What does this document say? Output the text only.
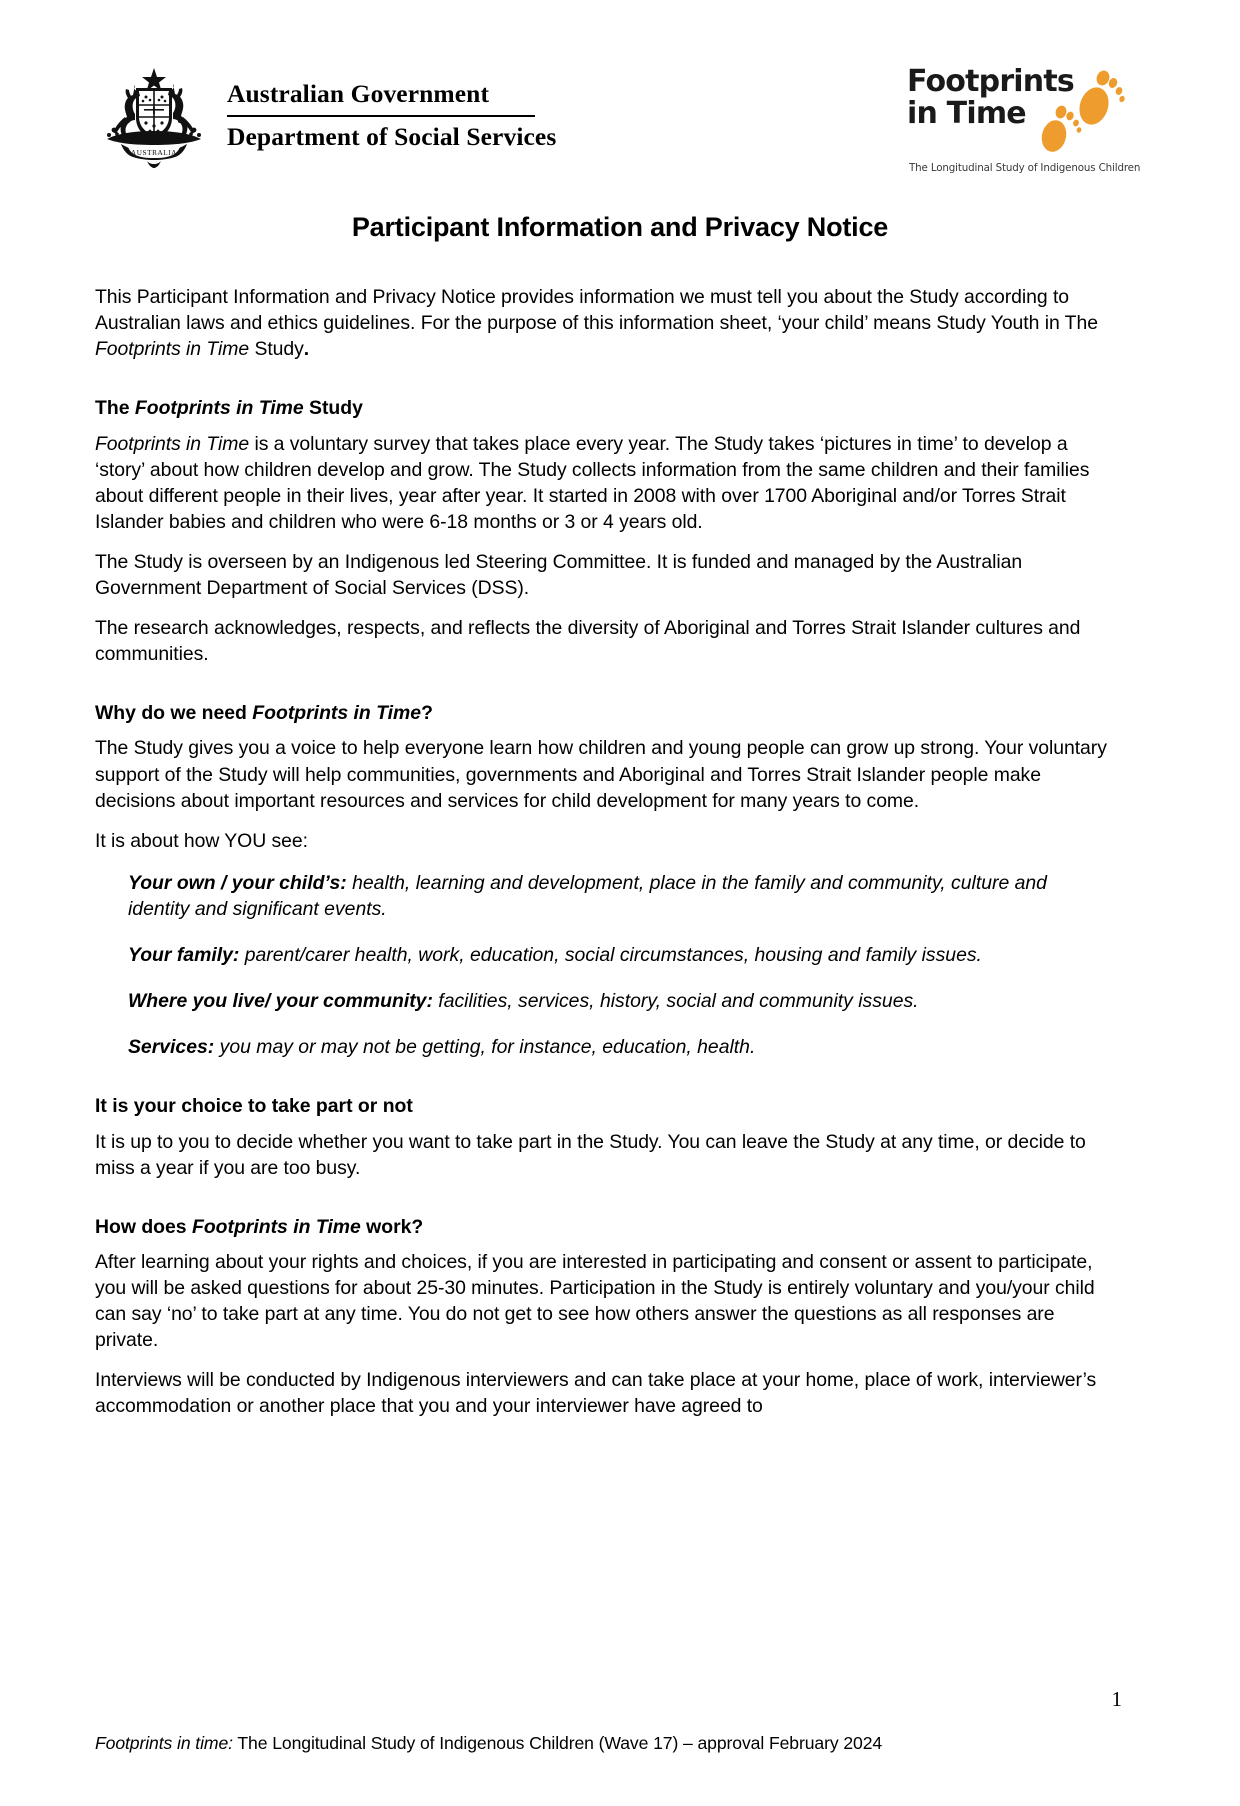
AUSTRALIA
Australian Government
Department of Social Services
Footprints
in Time
The Longitudinal Study of Indigenous Children
Participant Information and Privacy Notice

This Participant Information and Privacy Notice provides information we must tell you about the Study according to Australian laws and ethics guidelines. For the purpose of this information sheet, ‘your child’ means Study Youth in The Footprints in Time Study.

The Footprints in Time Study

Footprints in Time is a voluntary survey that takes place every year. The Study takes ‘pictures in time’ to develop a ‘story’ about how children develop and grow. The Study collects information from the same children and their families about different people in their lives, year after year. It started in 2008 with over 1700 Aboriginal and/or Torres Strait Islander babies and children who were 6-18 months or 3 or 4 years old.

The Study is overseen by an Indigenous led Steering Committee. It is funded and managed by the Australian Government Department of Social Services (DSS).

The research acknowledges, respects, and reflects the diversity of Aboriginal and Torres Strait Islander cultures and communities.

Why do we need Footprints in Time?

The Study gives you a voice to help everyone learn how children and young people can grow up strong. Your voluntary support of the Study will help communities, governments and Aboriginal and Torres Strait Islander people make decisions about important resources and services for child development for many years to come.

It is about how YOU see:

Your own / your child’s: health, learning and development, place in the family and community, culture and identity and significant events.
Your family: parent/carer health, work, education, social circumstances, housing and family issues.
Where you live/ your community: facilities, services, history, social and community issues.
Services: you may or may not be getting, for instance, education, health.
It is your choice to take part or not

It is up to you to decide whether you want to take part in the Study. You can leave the Study at any time, or decide to miss a year if you are too busy.

How does Footprints in Time work?

After learning about your rights and choices, if you are interested in participating and consent or assent to participate, you will be asked questions for about 25-30 minutes. Participation in the Study is entirely voluntary and you/your child can say ‘no’ to take part at any time. You do not get to see how others answer the questions as all responses are private.

Interviews will be conducted by Indigenous interviewers and can take place at your home, place of work, interviewer’s accommodation or another place that you and your interviewer have agreed to

1
Footprints in time: The Longitudinal Study of Indigenous Children (Wave 17) – approval February 2024
